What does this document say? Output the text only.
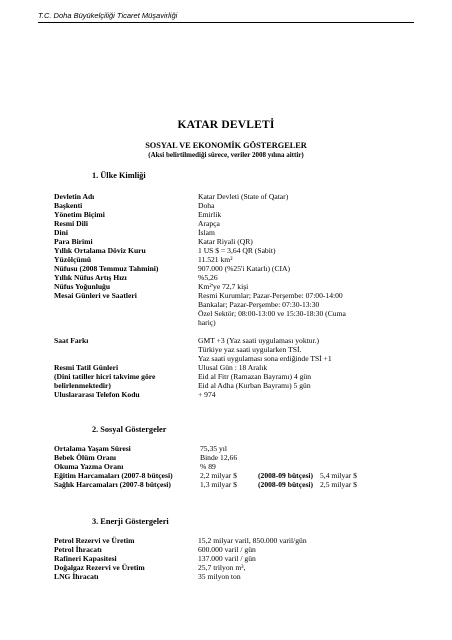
T.C. Doha Büyükelçiliği Ticaret Müşavirliği
KATAR DEVLETİ
SOSYAL VE EKONOMİK GÖSTERGELER
(Aksi belirtilmediği sürece, veriler 2008 yılına aittir)
1. Ülke Kimliği
Devletin Adı	Katar Devleti (State of Qatar)
Başkenti	Doha
Yönetim Biçimi	Emirlik
Resmi Dili	Arapça
Dini	İslam
Para Birimi	Katar Riyali (QR)
Yıllık Ortalama Döviz Kuru	1 US $ = 3,64 QR (Sabit)
Yüzölçümü	11.521 km²
Nüfusu (2008 Temmuz Tahmini)	907.000 (%25'i Katarlı) (CIA)
Yıllık Nüfus Artış Hızı	%5,26
Nüfus Yoğunluğu	Km²'ye 72,7 kişi
Mesai Günleri ve Saatleri	Resmi Kurumlar; Pazar-Perşembe: 07:00-14:00
Bankalar; Pazar-Perşembe: 07:30-13:30
Özel Sektör; 08:00-13:00 ve 15:30-18:30 (Cuma
hariç)
Saat Farkı	GMT +3 (Yaz saati uygulaması yoktur.)
Türkiye yaz saati uygularken TSİ.
Yaz saati uygulaması sona erdiğinde TSİ +1
Resmi Tatil Günleri	Ulusal Gün : 18 Aralık
(Dini tatiller hicri takvime göre	Eid al Fitr (Ramazan Bayramı) 4 gün
belirlenmektedir)	Eid al Adha (Kurban Bayramı) 5 gün
Uluslararası Telefon Kodu	+ 974
2. Sosyal Göstergeler
Ortalama Yaşam Süresi	75,35 yıl
Bebek Ölüm Oranı	Binde 12,66
Okuma Yazma Oranı	% 89
Eğitim Harcamaları (2007-8 bütçesi)	2,2 milyar $	(2008-09 bütçesi) 5,4 milyar $
Sağlık Harcamaları (2007-8 bütçesi)	1,3 milyar $	(2008-09 bütçesi) 2,5 milyar $
3. Enerji Göstergeleri
Petrol Rezervi ve Üretim	15,2 milyar varil, 850.000 varil/gün
Petrol İhracatı	600.000 varil / gün
Rafineri Kapasitesi	137.000 varil / gün
Doğalgaz Rezervi ve Üretim	25,7 trilyon m³,
LNG İhracatı	35 milyon ton
